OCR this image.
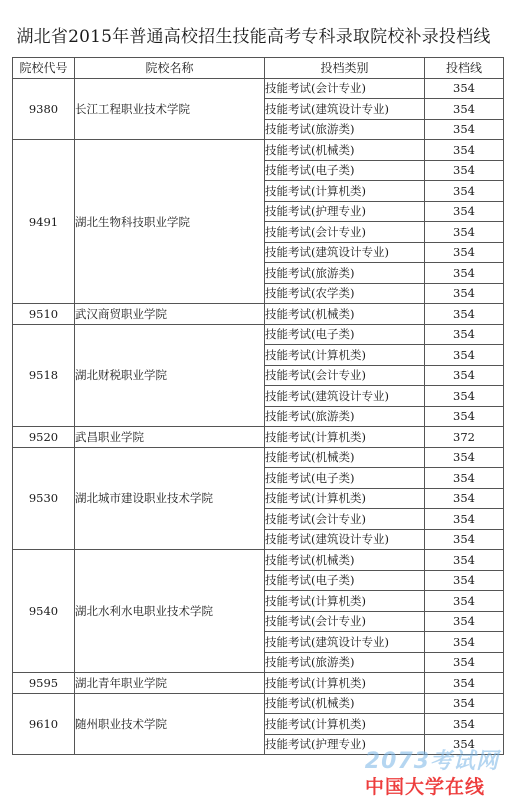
湖北省2015年普通高校招生技能高考专科录取院校补录投档线
院校代号	院校名称	投档类别	投档线
9380	长江工程职业技术学院	技能考试(会计专业)	354
		技能考试(建筑设计专业)	354
		技能考试(旅游类)	354
9491	湖北生物科技职业学院	技能考试(机械类)	354
		技能考试(电子类)	354
		技能考试(计算机类)	354
		技能考试(护理专业)	354
		技能考试(会计专业)	354
		技能考试(建筑设计专业)	354
		技能考试(旅游类)	354
		技能考试(农学类)	354
9510	武汉商贸职业学院	技能考试(机械类)	354
9518	湖北财税职业学院	技能考试(电子类)	354
		技能考试(计算机类)	354
		技能考试(会计专业)	354
		技能考试(建筑设计专业)	354
		技能考试(旅游类)	354
9520	武昌职业学院	技能考试(计算机类)	372
9530	湖北城市建设职业技术学院	技能考试(机械类)	354
		技能考试(电子类)	354
		技能考试(计算机类)	354
		技能考试(会计专业)	354
		技能考试(建筑设计专业)	354
9540	湖北水利水电职业技术学院	技能考试(机械类)	354
		技能考试(电子类)	354
		技能考试(计算机类)	354
		技能考试(会计专业)	354
		技能考试(建筑设计专业)	354
		技能考试(旅游类)	354
9595	湖北青年职业学院	技能考试(计算机类)	354
9610	随州职业技术学院	技能考试(机械类)	354
		技能考试(计算机类)	354
		技能考试(护理专业)	354
2073考试网
中国大学在线
